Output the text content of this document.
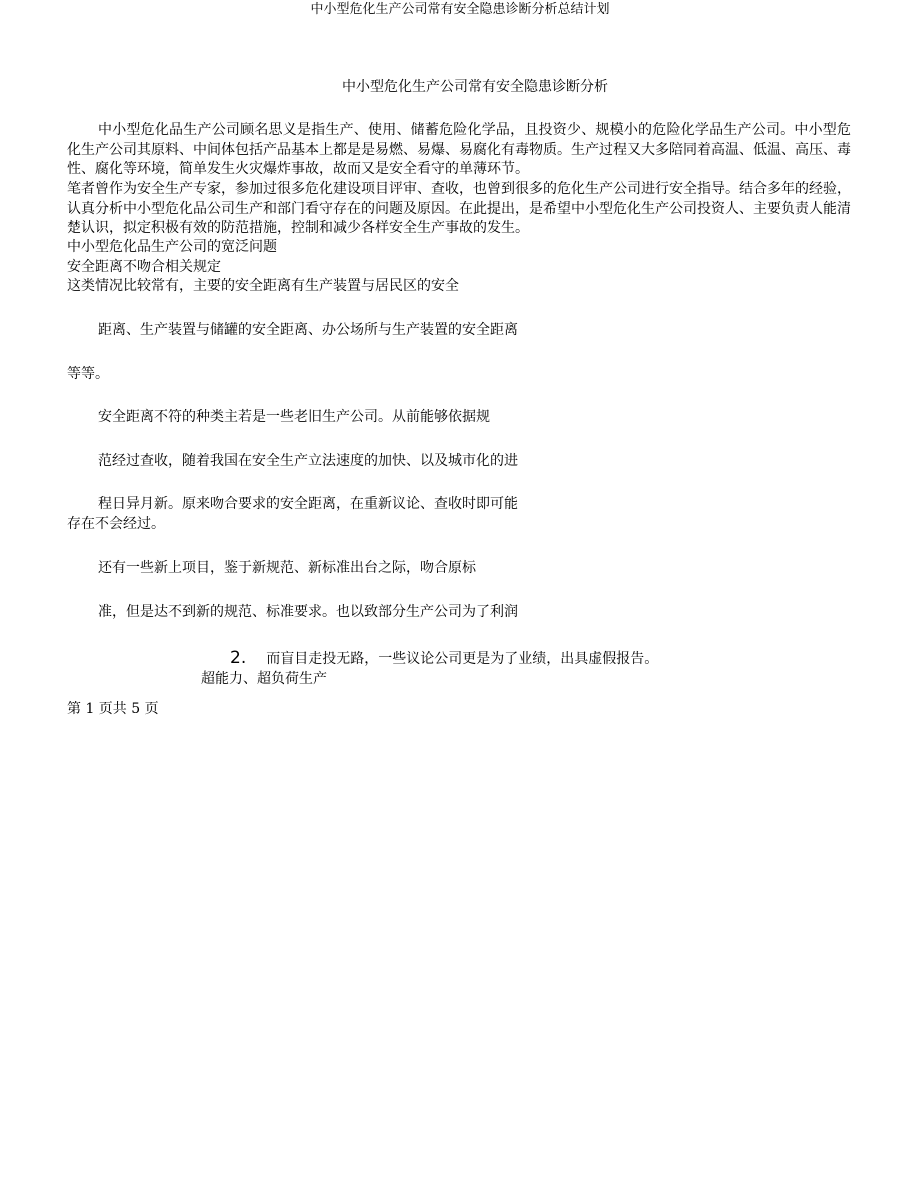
中小型危化生产公司常有安全隐患诊断分析总结计划
中小型危化生产公司常有安全隐患诊断分析
中小型危化品生产公司顾名思义是指生产、使用、储蓄危险化学品，且投资少、规模小的危险化学品生产公司。中小型危化生产公司其原料、中间体包括产品基本上都是是易燃、易爆、易腐化有毒物质。生产过程又大多陪同着高温、低温、高压、毒性、腐化等环境，简单发生火灾爆炸事故，故而又是安全看守的单薄环节。
笔者曾作为安全生产专家，参加过很多危化建设项目评审、查收，也曾到很多的危化生产公司进行安全指导。结合多年的经验，认真分析中小型危化品公司生产和部门看守存在的问题及原因。在此提出，是希望中小型危化生产公司投资人、主要负责人能清楚认识，拟定积极有效的防范措施，控制和减少各样安全生产事故的发生。
中小型危化品生产公司的宽泛问题
安全距离不吻合相关规定
这类情况比较常有，主要的安全距离有生产装置与居民区的安全
距离、生产装置与储罐的安全距离、办公场所与生产装置的安全距离
等等。
安全距离不符的种类主若是一些老旧生产公司。从前能够依据规
范经过查收，随着我国在安全生产立法速度的加快、以及城市化的进
程日异月新。原来吻合要求的安全距离，在重新议论、查收时即可能
存在不会经过。
还有一些新上项目，鉴于新规范、新标准出台之际，吻合原标
准，但是达不到新的规范、标准要求。也以致部分生产公司为了利润
2. 而盲目走投无路，一些议论公司更是为了业绩，出具虚假报告。
超能力、超负荷生产
第 1 页共 5 页
